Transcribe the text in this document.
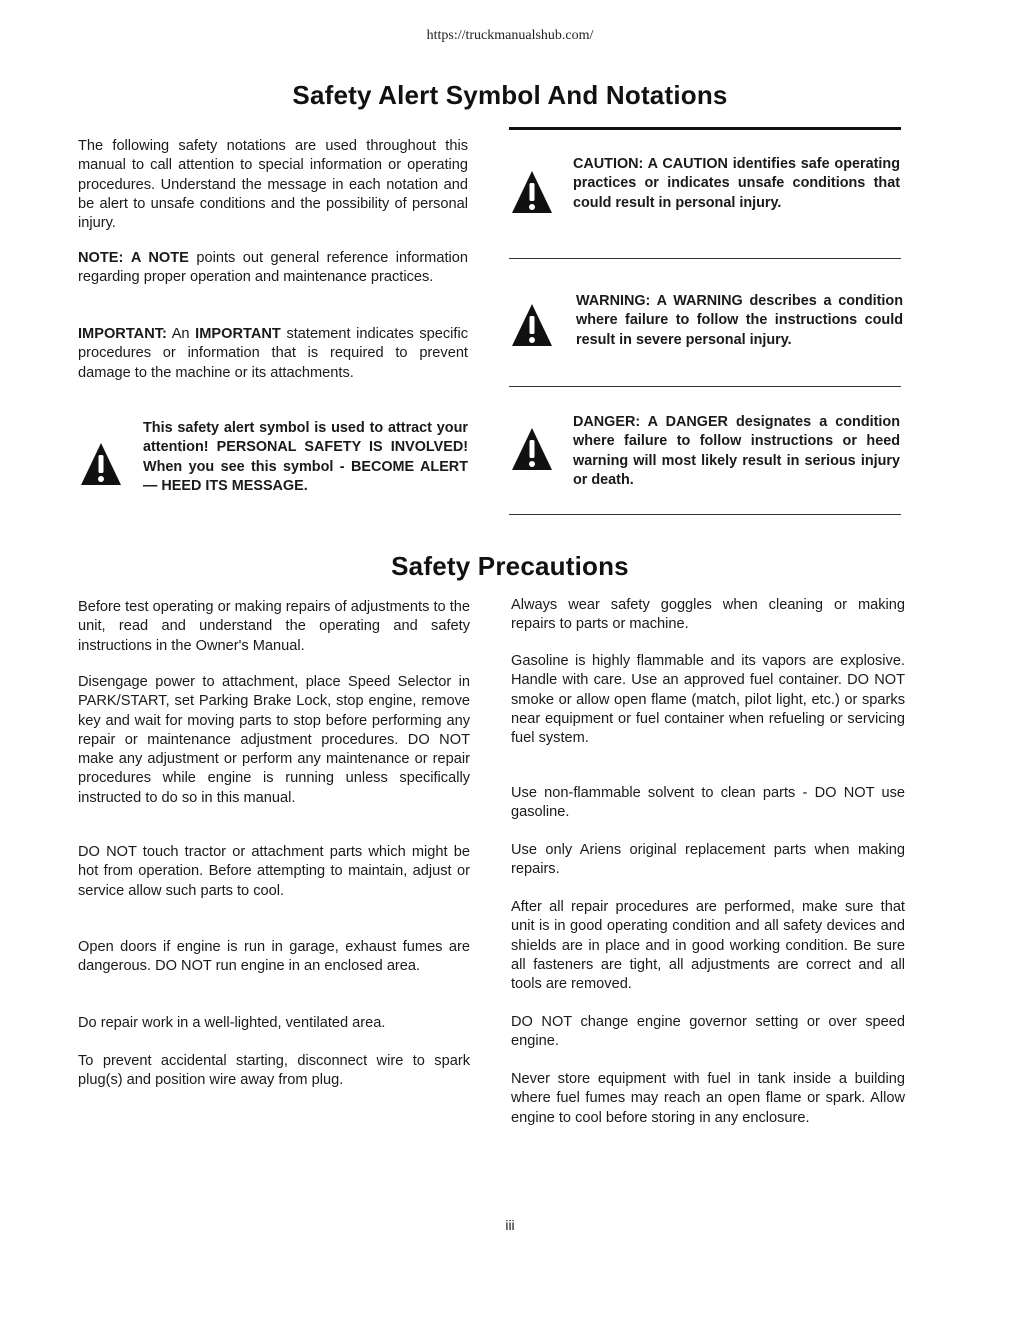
https://truckmanualshub.com/
Safety Alert Symbol And Notations

The following safety notations are used throughout this manual to call attention to special information or operating procedures. Understand the message in each notation and be alert to unsafe conditions and the possibility of personal injury.

NOTE: A NOTE points out general reference information regarding proper operation and maintenance practices.

IMPORTANT: An IMPORTANT statement indicates specific procedures or information that is required to prevent damage to the machine or its attachments.

This safety alert symbol is used to attract your attention! PERSONAL SAFETY IS INVOLVED! When you see this symbol - BECOME ALERT — HEED ITS MESSAGE.

CAUTION: A CAUTION identifies safe operating practices or indicates unsafe conditions that could result in personal injury.

WARNING: A WARNING describes a condition where failure to follow the instructions could result in severe personal injury.

DANGER: A DANGER designates a condition where failure to follow instructions or heed warning will most likely result in serious injury or death.

Safety Precautions

Before test operating or making repairs of adjustments to the unit, read and understand the operating and safety instructions in the Owner's Manual.

Disengage power to attachment, place Speed Selector in PARK/START, set Parking Brake Lock, stop engine, remove key and wait for moving parts to stop before performing any repair or maintenance adjustment procedures. DO NOT make any adjustment or perform any maintenance or repair procedures while engine is running unless specifically instructed to do so in this manual.

DO NOT touch tractor or attachment parts which might be hot from operation. Before attempting to maintain, adjust or service allow such parts to cool.

Open doors if engine is run in garage, exhaust fumes are dangerous. DO NOT run engine in an enclosed area.

Do repair work in a well-lighted, ventilated area.

To prevent accidental starting, disconnect wire to spark plug(s) and position wire away from plug.

Always wear safety goggles when cleaning or making repairs to parts or machine.

Gasoline is highly flammable and its vapors are explosive. Handle with care. Use an approved fuel container. DO NOT smoke or allow open flame (match, pilot light, etc.) or sparks near equipment or fuel container when refueling or servicing fuel system.

Use non-flammable solvent to clean parts - DO NOT use gasoline.

Use only Ariens original replacement parts when making repairs.

After all repair procedures are performed, make sure that unit is in good operating condition and all safety devices and shields are in place and in good working condition. Be sure all fasteners are tight, all adjustments are correct and all tools are removed.

DO NOT change engine governor setting or over speed engine.

Never store equipment with fuel in tank inside a building where fuel fumes may reach an open flame or spark. Allow engine to cool before storing in any enclosure.

iii
